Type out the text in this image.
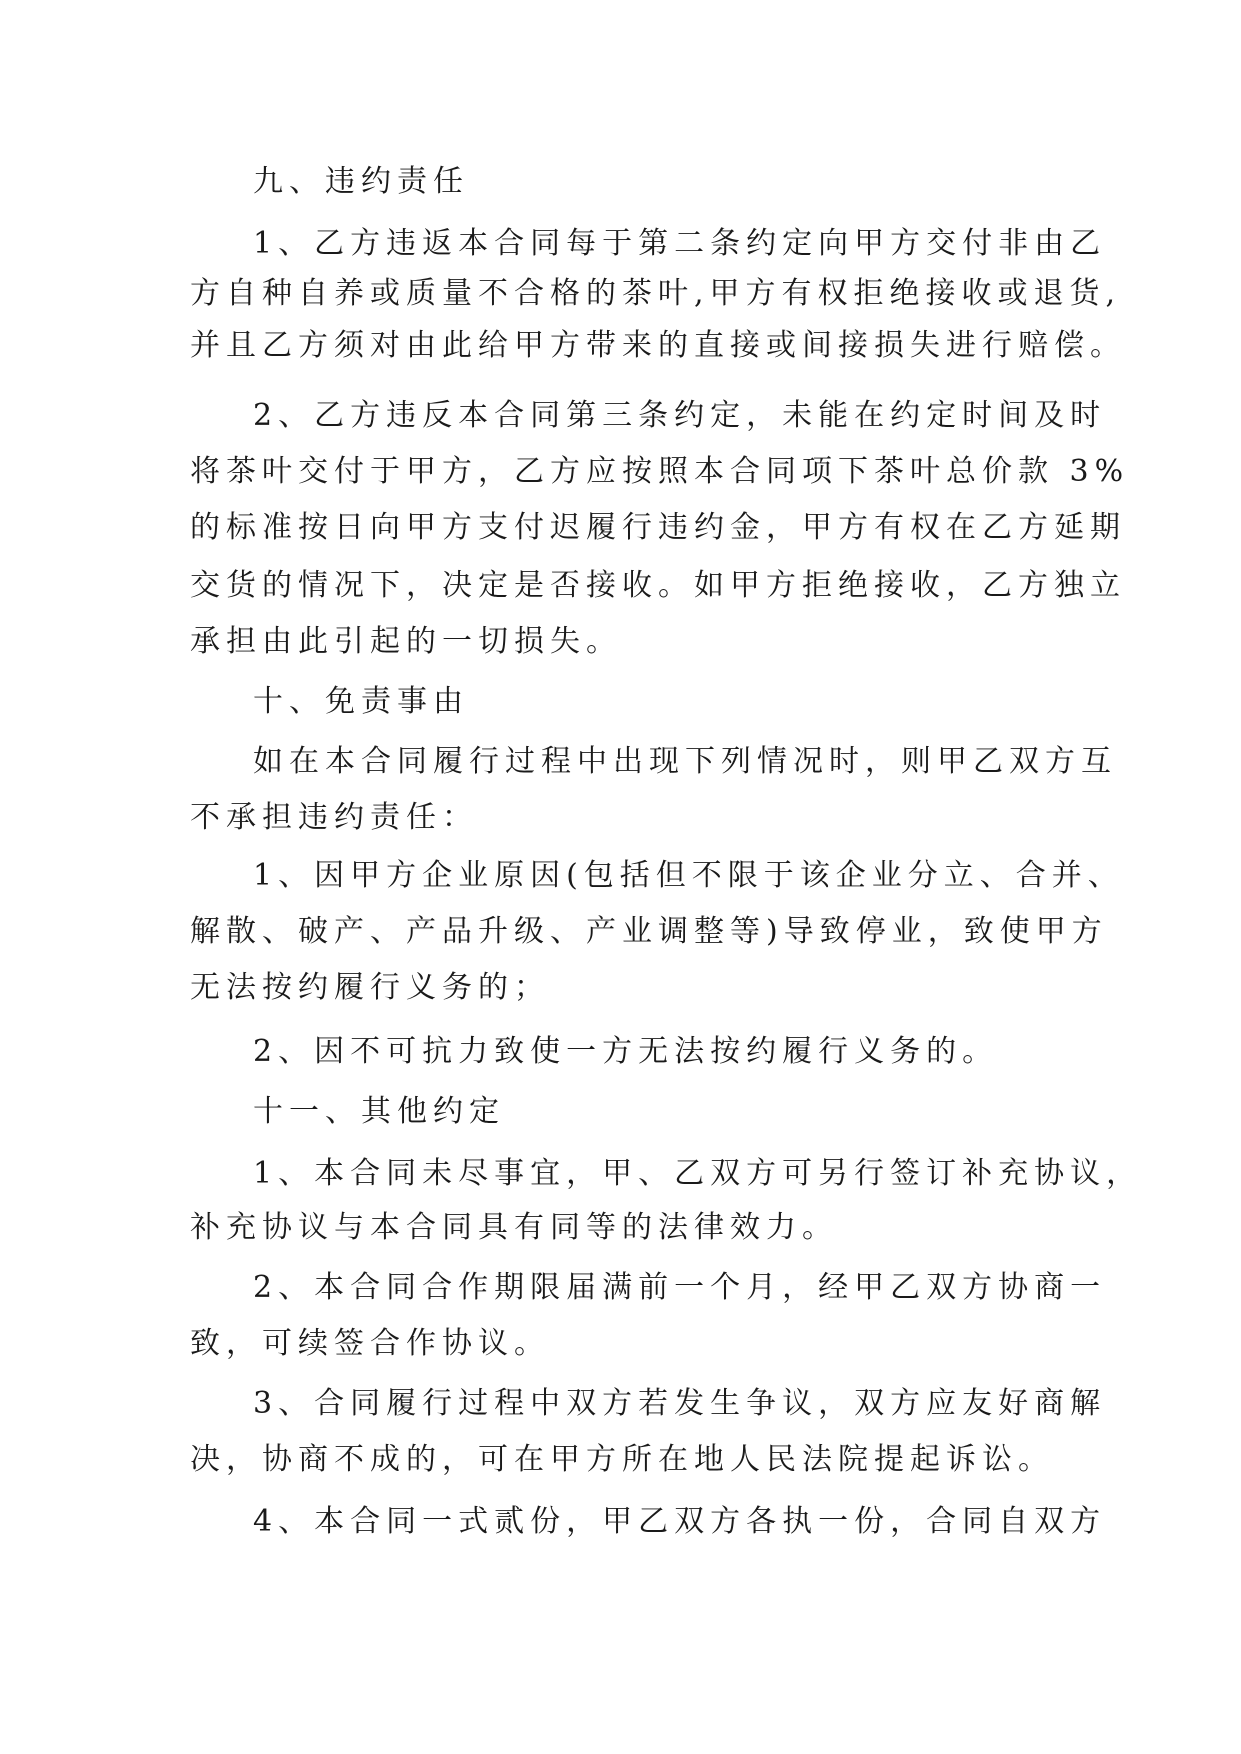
九、违约责任
1、乙方违返本合同每于第二条约定向甲方交付非由乙
方自种自养或质量不合格的茶叶,甲方有权拒绝接收或退货,
并且乙方须对由此给甲方带来的直接或间接损失进行赔偿。
2、乙方违反本合同第三条约定，未能在约定时间及时
将茶叶交付于甲方，乙方应按照本合同项下茶叶总价款 3%
的标准按日向甲方支付迟履行违约金，甲方有权在乙方延期
交货的情况下，决定是否接收。如甲方拒绝接收，乙方独立
承担由此引起的一切损失。
十、免责事由
如在本合同履行过程中出现下列情况时，则甲乙双方互
不承担违约责任：
1、因甲方企业原因(包括但不限于该企业分立、合并、
解散、破产、产品升级、产业调整等)导致停业，致使甲方
无法按约履行义务的；
2、因不可抗力致使一方无法按约履行义务的。
十一、其他约定
1、本合同未尽事宜，甲、乙双方可另行签订补充协议，
补充协议与本合同具有同等的法律效力。
2、本合同合作期限届满前一个月，经甲乙双方协商一
致，可续签合作协议。
3、合同履行过程中双方若发生争议，双方应友好商解
决，协商不成的，可在甲方所在地人民法院提起诉讼。
4、本合同一式贰份，甲乙双方各执一份，合同自双方
